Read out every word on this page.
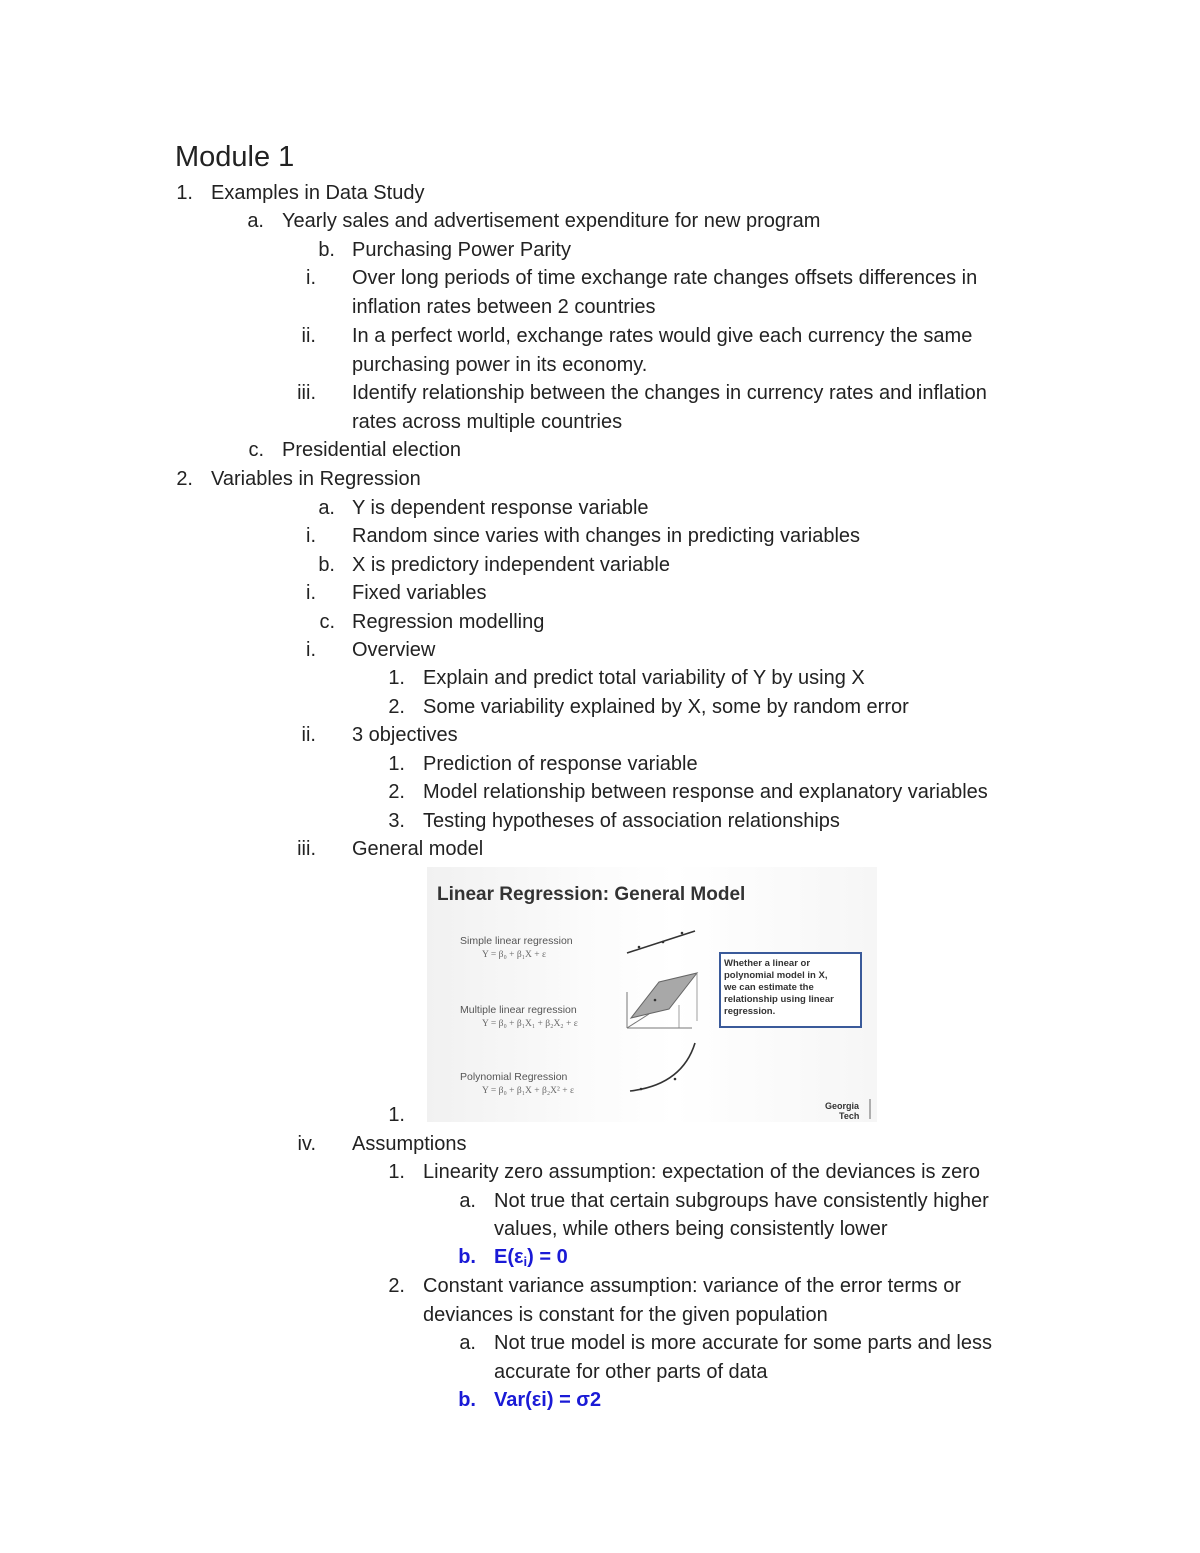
Module 1
1. Examples in Data Study
a. Yearly sales and advertisement expenditure for new program
b. Purchasing Power Parity
i. Over long periods of time exchange rate changes offsets differences in
inflation rates between 2 countries
ii. In a perfect world, exchange rates would give each currency the same
purchasing power in its economy.
iii. Identify relationship between the changes in currency rates and inflation
rates across multiple countries
c. Presidential election
2. Variables in Regression
a. Y is dependent response variable
i. Random since varies with changes in predicting variables
b. X is predictory independent variable
i. Fixed variables
c. Regression modelling
i. Overview
1. Explain and predict total variability of Y by using X
2. Some variability explained by X, some by random error
ii. 3 objectives
1. Prediction of response variable
2. Model relationship between response and explanatory variables
3. Testing hypotheses of association relationships
iii. General model
1.
iv. Assumptions
1. Linearity zero assumption: expectation of the deviances is zero
a. Not true that certain subgroups have consistently higher
values, while others being consistently lower
b. $E(\varepsilon_i) = 0$
2. Constant variance assumption: variance of the error terms or
deviances is constant for the given population
a. Not true model is more accurate for some parts and less
accurate for other parts of data
b. Var(εi) = σ2
Linear Regression: General Model
Simple linear regression
Y = β₀ + β₁X + ε
Multiple linear regression
Y = β₀ + β₁X₁ + β₂X₂ + ε
Polynomial Regression
Y = β₀ + β₁X + β₂X² + ε
Whether a linear or
polynomial model in X,
we can estimate the
relationship using linear
regression.
Georgia
Tech
